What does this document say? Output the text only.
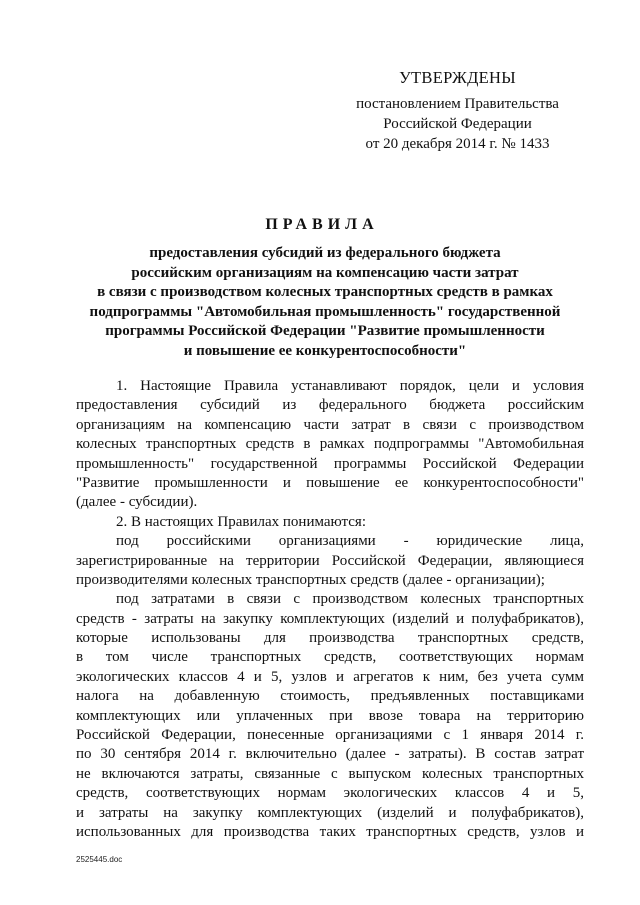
УТВЕРЖДЕНЫ
постановлением Правительства
Российской Федерации
от 20 декабря 2014 г. № 1433
ПРАВИЛА
предоставления субсидий из федерального бюджета
российским организациям на компенсацию части затрат
в связи с производством колесных транспортных средств в рамках
подпрограммы "Автомобильная промышленность" государственной
программы Российской Федерации "Развитие промышленности
и повышение ее конкурентоспособности"
1. Настоящие Правила устанавливают порядок, цели и условия
предоставления субсидий из федерального бюджета российским
организациям на компенсацию части затрат в связи с производством
колесных транспортных средств в рамках подпрограммы "Автомобильная
промышленность" государственной программы Российской Федерации
"Развитие промышленности и повышение ее конкурентоспособности"
(далее - субсидии).
2. В настоящих Правилах понимаются:
под российскими организациями - юридические лица,
зарегистрированные на территории Российской Федерации, являющиеся
производителями колесных транспортных средств (далее - организации);
под затратами в связи с производством колесных транспортных
средств - затраты на закупку комплектующих (изделий и полуфабрикатов),
которые использованы для производства транспортных средств,
в том числе транспортных средств, соответствующих нормам
экологических классов 4 и 5, узлов и агрегатов к ним, без учета сумм
налога на добавленную стоимость, предъявленных поставщиками
комплектующих или уплаченных при ввозе товара на территорию
Российской Федерации, понесенные организациями с 1 января 2014 г.
по 30 сентября 2014 г. включительно (далее - затраты). В состав затрат
не включаются затраты, связанные с выпуском колесных транспортных
средств, соответствующих нормам экологических классов 4 и 5,
и затраты на закупку комплектующих (изделий и полуфабрикатов),
использованных для производства таких транспортных средств, узлов и
2525445.doc
